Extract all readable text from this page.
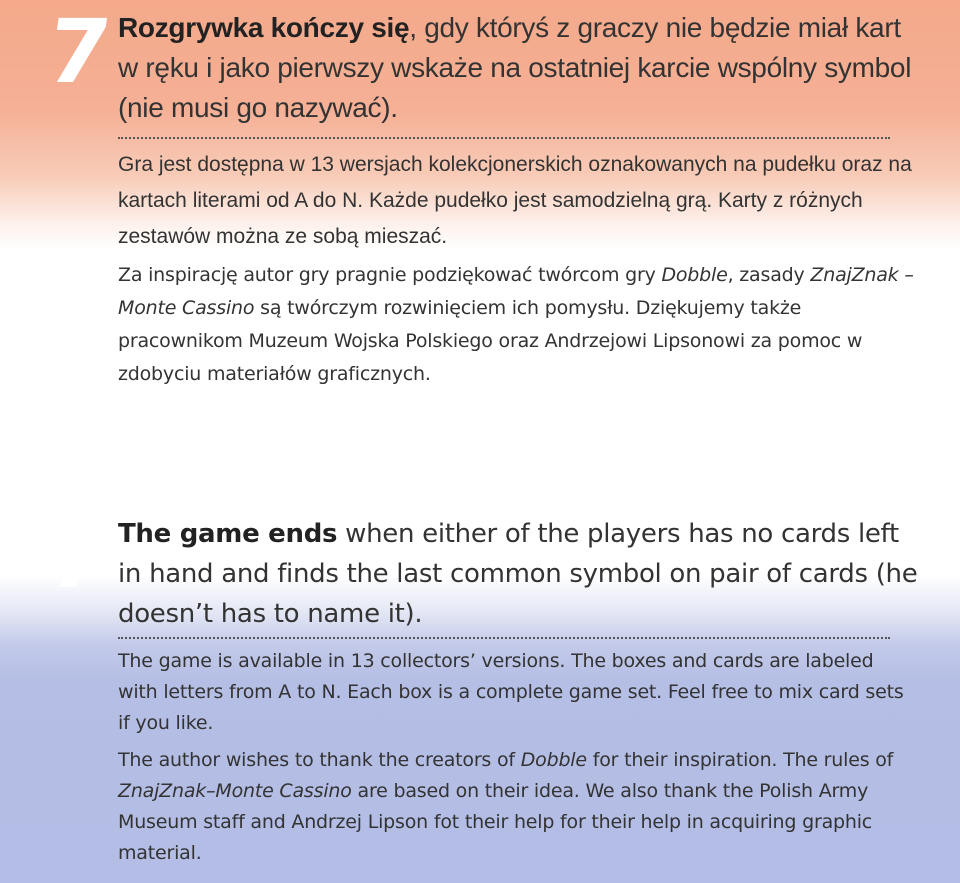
7 Rozgrywka kończy się, gdy któryś z graczy nie będzie miał kart w ręku i jako pierwszy wskaże na ostatniej karcie wspólny symbol (nie musi go nazywać).

Gra jest dostępna w 13 wersjach kolekcjonerskich oznakowanych na pudełku oraz na kartach literami od A do N. Każde pudełko jest samodzielną grą. Karty z różnych zestawów można ze sobą mieszać.

Za inspirację autor gry pragnie podziękować twórcom gry Dobble, zasady ZnajZnak – Monte Cassino są twórczym rozwinięciem ich pomysłu. Dziękujemy także pracownikom Muzeum Wojska Polskiego oraz Andrzejowi Lipsonowi za pomoc w zdobyciu materiałów graficznych.

7 The game ends when either of the players has no cards left in hand and finds the last common symbol on pair of cards (he doesn’t has to name it).

The game is available in 13 collectors’ versions. The boxes and cards are labeled with letters from A to N. Each box is a complete game set. Feel free to mix card sets if you like.

The author wishes to thank the creators of Dobble for their inspiration. The rules of ZnajZnak–Monte Cassino are based on their idea. We also thank the Polish Army Museum staff and Andrzej Lipson fot their help for their help in acquiring graphic material.
